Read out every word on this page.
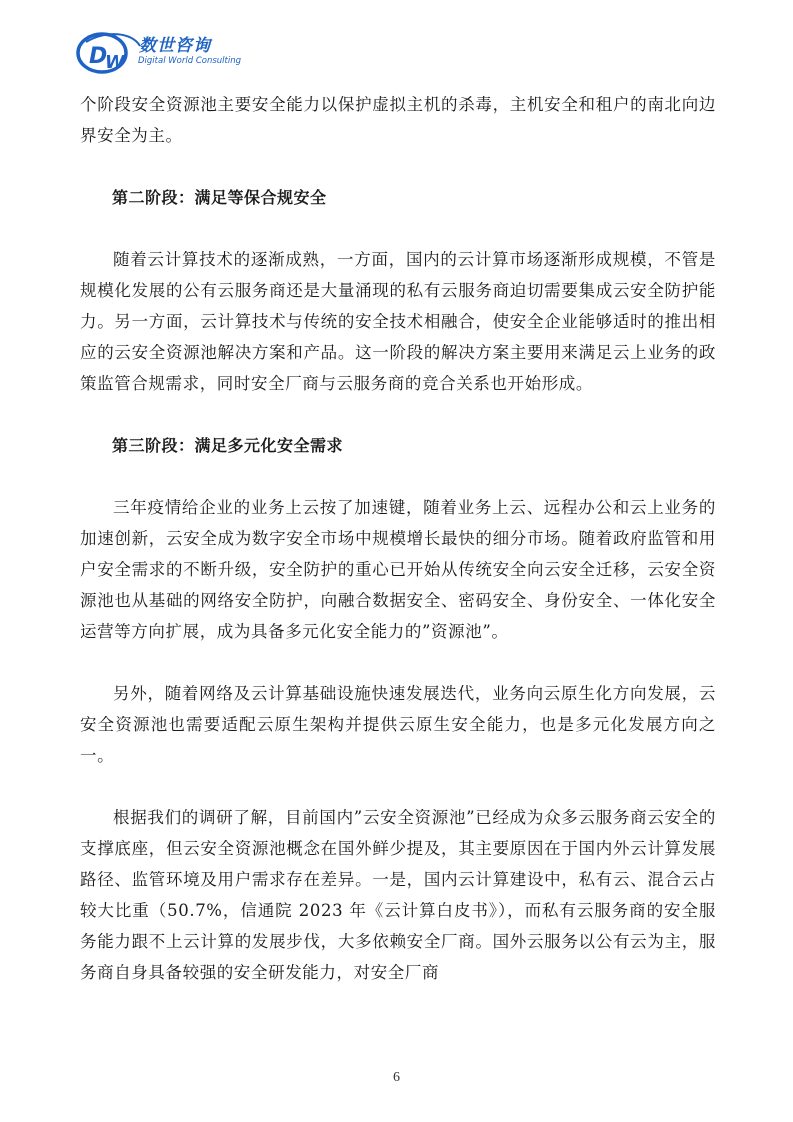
D
W
数世咨询
Digital World Consulting

个阶段安全资源池主要安全能力以保护虚拟主机的杀毒，主机安全和租户的南北向边界安全为主。

第二阶段：满足等保合规安全

随着云计算技术的逐渐成熟，一方面，国内的云计算市场逐渐形成规模，不管是规模化发展的公有云服务商还是大量涌现的私有云服务商迫切需要集成云安全防护能力。另一方面，云计算技术与传统的安全技术相融合，使安全企业能够适时的推出相应的云安全资源池解决方案和产品。这一阶段的解决方案主要用来满足云上业务的政策监管合规需求，同时安全厂商与云服务商的竞合关系也开始形成。

第三阶段：满足多元化安全需求

三年疫情给企业的业务上云按了加速键，随着业务上云、远程办公和云上业务的加速创新，云安全成为数字安全市场中规模增长最快的细分市场。随着政府监管和用户安全需求的不断升级，安全防护的重心已开始从传统安全向云安全迁移，云安全资源池也从基础的网络安全防护，向融合数据安全、密码安全、身份安全、一体化安全运营等方向扩展，成为具备多元化安全能力的”资源池”。

另外，随着网络及云计算基础设施快速发展迭代，业务向云原生化方向发展，云安全资源池也需要适配云原生架构并提供云原生安全能力，也是多元化发展方向之一。

根据我们的调研了解，目前国内”云安全资源池”已经成为众多云服务商云安全的支撑底座，但云安全资源池概念在国外鲜少提及，其主要原因在于国内外云计算发展路径、监管环境及用户需求存在差异。一是，国内云计算建设中，私有云、混合云占较大比重（50.7%，信通院 2023 年《云计算白皮书》），而私有云服务商的安全服务能力跟不上云计算的发展步伐，大多依赖安全厂商。国外云服务以公有云为主，服务商自身具备较强的安全研发能力，对安全厂商

6
